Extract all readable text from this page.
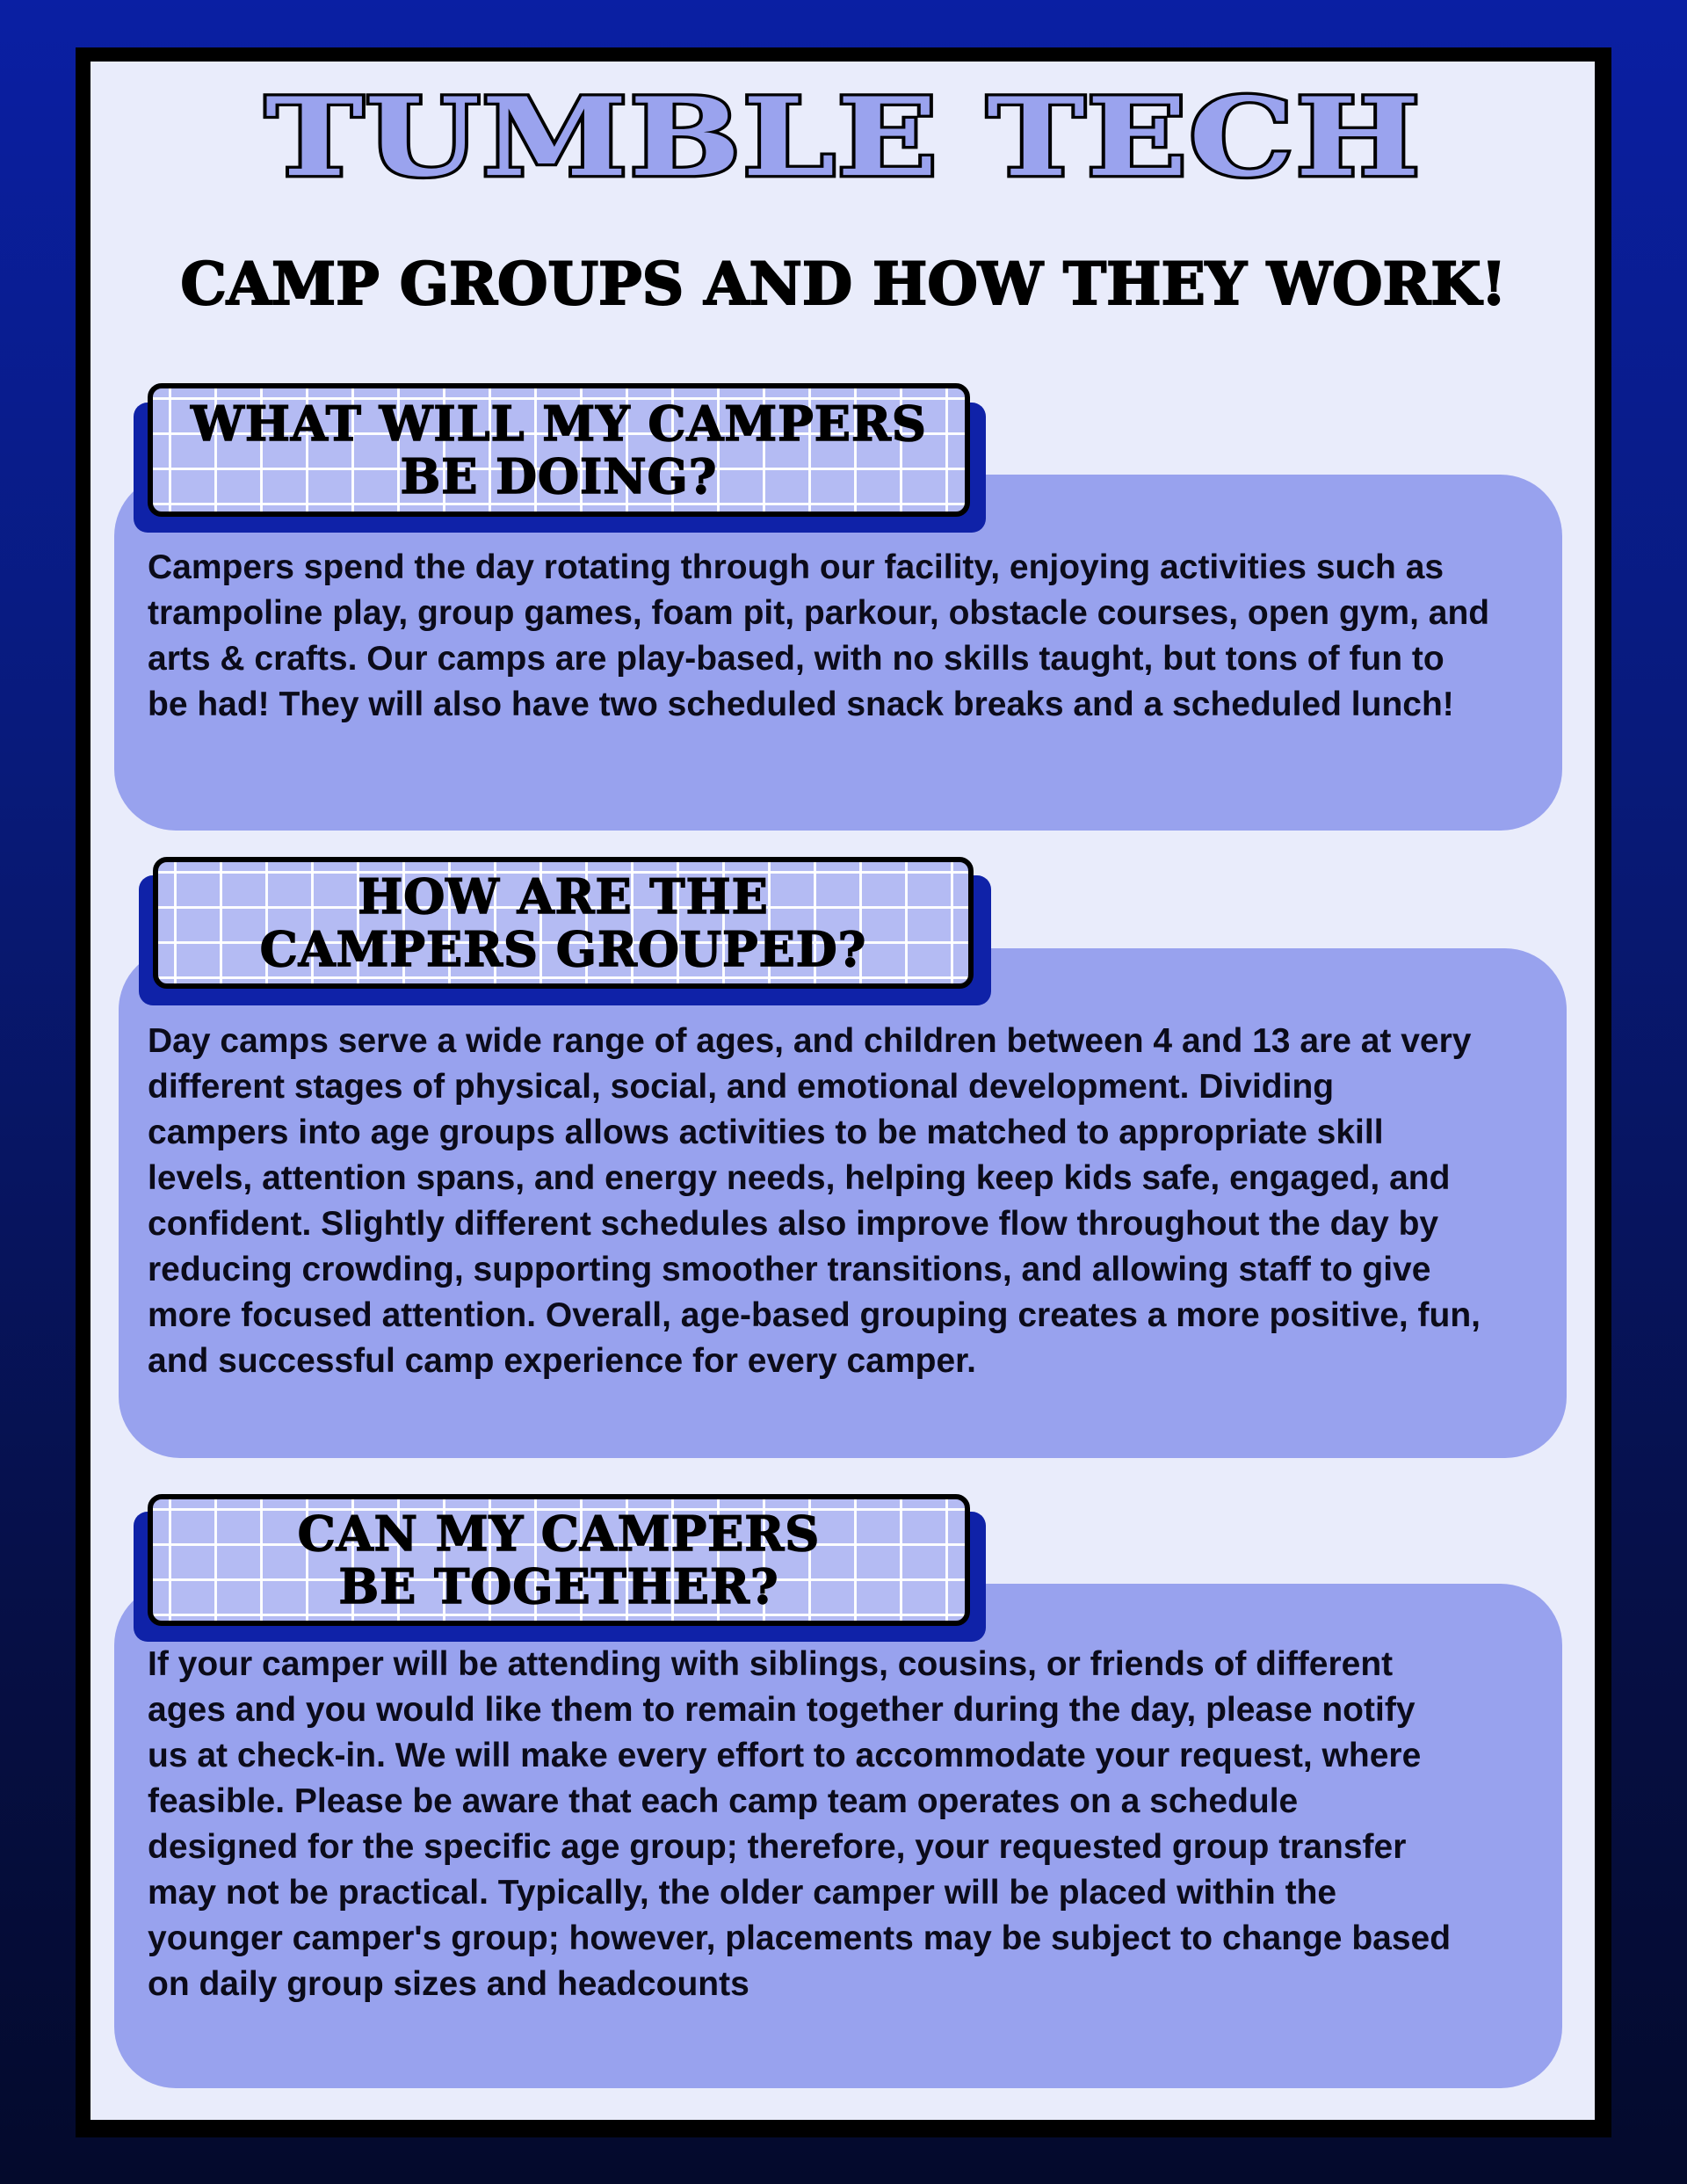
TUMBLE TECH
CAMP GROUPS AND HOW THEY WORK!
WHAT WILL MY CAMPERS
BE DOING?

Campers spend the day rotating through our facility, enjoying activities such as
trampoline play, group games, foam pit, parkour, obstacle courses, open gym, and
arts & crafts. Our camps are play-based, with no skills taught, but tons of fun to
be had! They will also have two scheduled snack breaks and a scheduled lunch!

HOW ARE THE
CAMPERS GROUPED?

Day camps serve a wide range of ages, and children between 4 and 13 are at very
different stages of physical, social, and emotional development. Dividing
campers into age groups allows activities to be matched to appropriate skill
levels, attention spans, and energy needs, helping keep kids safe, engaged, and
confident. Slightly different schedules also improve flow throughout the day by
reducing crowding, supporting smoother transitions, and allowing staff to give
more focused attention. Overall, age-based grouping creates a more positive, fun,
and successful camp experience for every camper.

CAN MY CAMPERS
BE TOGETHER?

If your camper will be attending with siblings, cousins, or friends of different
ages and you would like them to remain together during the day, please notify
us at check-in. We will make every effort to accommodate your request, where
feasible. Please be aware that each camp team operates on a schedule
designed for the specific age group; therefore, your requested group transfer
may not be practical. Typically, the older camper will be placed within the
younger camper's group; however, placements may be subject to change based
on daily group sizes and headcounts
